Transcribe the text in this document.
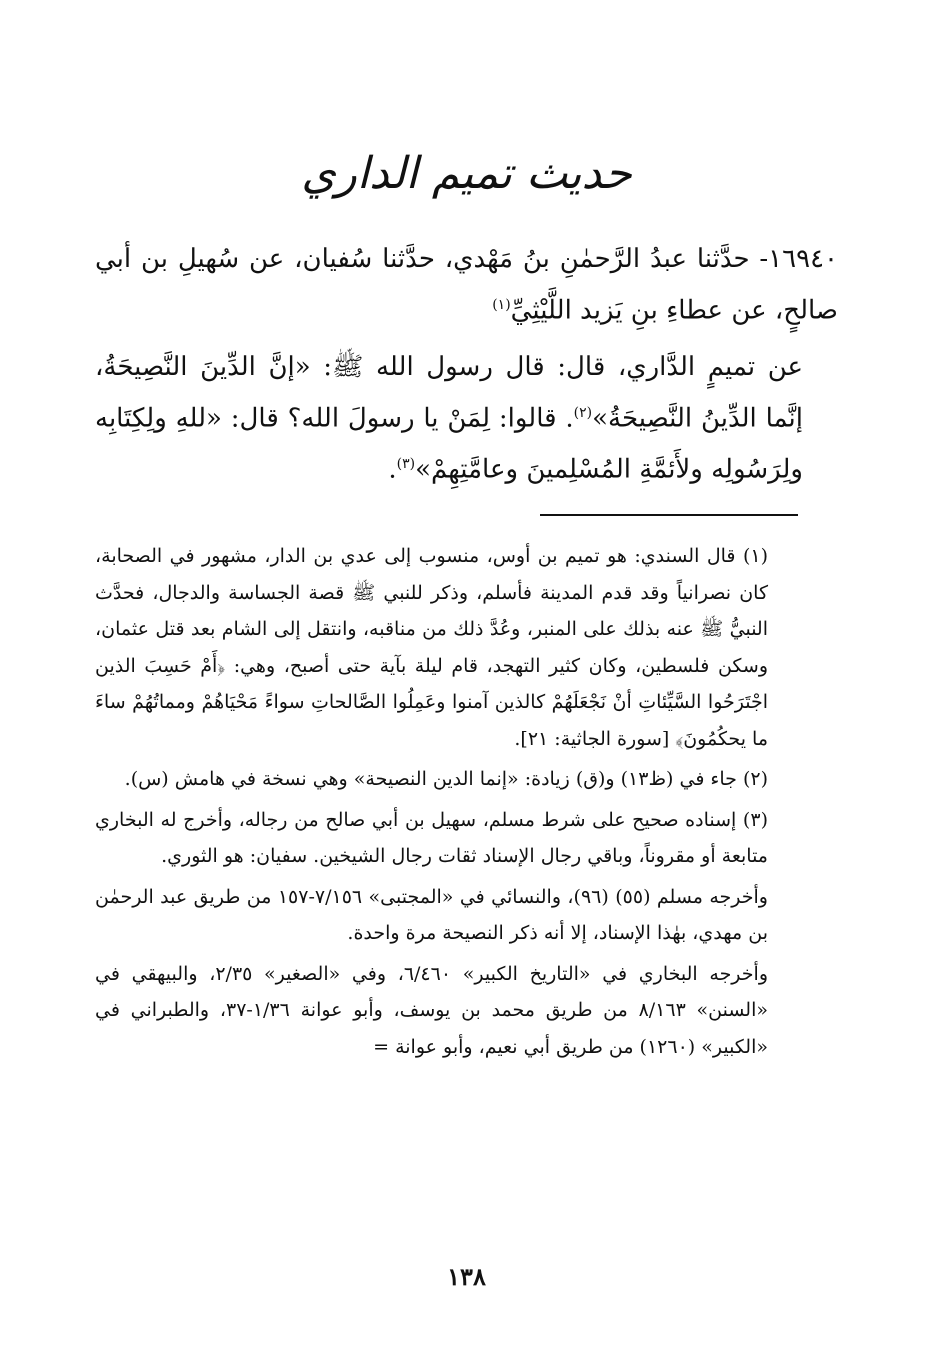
حديث تميم الداري

١٦٩٤٠- حدَّثنا عبدُ الرَّحمٰنِ بنُ مَهْدي، حدَّثنا سُفيان، عن سُهيلِ بن أبي صالحٍ، عن عطاءِ بنِ يَزيد اللَّيْثِيِّ$^{(١)}$

عن تميمٍ الدَّاري، قال: قال رسول الله ﷺ: «إنَّ الدِّينَ النَّصِيحَةُ، إنَّما الدِّينُ النَّصِيحَةُ»$^{(٢)}$. قالوا: لِمَنْ يا رسولَ الله؟ قال: «للهِ ولِكِتَابِه ولِرَسُولِه ولأَئمَّةِ المُسْلِمينَ وعامَّتِهِمْ»$^{(٣)}$.

(١) قال السندي: هو تميم بن أوس، منسوب إلى عدي بن الدار، مشهور في الصحابة، كان نصرانياً وقد قدم المدينة فأسلم، وذكر للنبي ﷺ قصة الجساسة والدجال، فحدَّث النبيُّ ﷺ عنه بذلك على المنبر، وعُدَّ ذلك من مناقبه، وانتقل إلى الشام بعد قتل عثمان، وسكن فلسطين، وكان كثير التهجد، قام ليلة بآية حتى أصبح، وهي: ﴿أَمْ حَسِبَ الذين اجْتَرَحُوا السَّيِّئاتِ أنْ نَجْعَلَهُمْ كالذين آمنوا وعَمِلُوا الصَّالحاتِ سواءً مَحْيَاهُمْ ومماتُهُمْ ساءَ ما يحكُمُونَ﴾ [سورة الجاثية: ٢١].

(٢) جاء في (ظ١٣) و(ق) زيادة: «إنما الدين النصيحة» وهي نسخة في هامش (س).

(٣) إسناده صحيح على شرط مسلم، سهيل بن أبي صالح من رجاله، وأخرج له البخاري متابعة أو مقروناً، وباقي رجال الإسناد ثقات رجال الشيخين. سفيان: هو الثوري.

وأخرجه مسلم (٥٥) (٩٦)، والنسائي في «المجتبى» ٧/١٥٦-١٥٧ من طريق عبد الرحمٰن بن مهدي، بهٰذا الإسناد، إلا أنه ذكر النصيحة مرة واحدة.

وأخرجه البخاري في «التاريخ الكبير» ٦/٤٦٠، وفي «الصغير» ٢/٣٥، والبيهقي في «السنن» ٨/١٦٣ من طريق محمد بن يوسف، وأبو عوانة ١/٣٦-٣٧، والطبراني في «الكبير» (١٢٦٠) من طريق أبي نعيم، وأبو عوانة =

١٣٨
